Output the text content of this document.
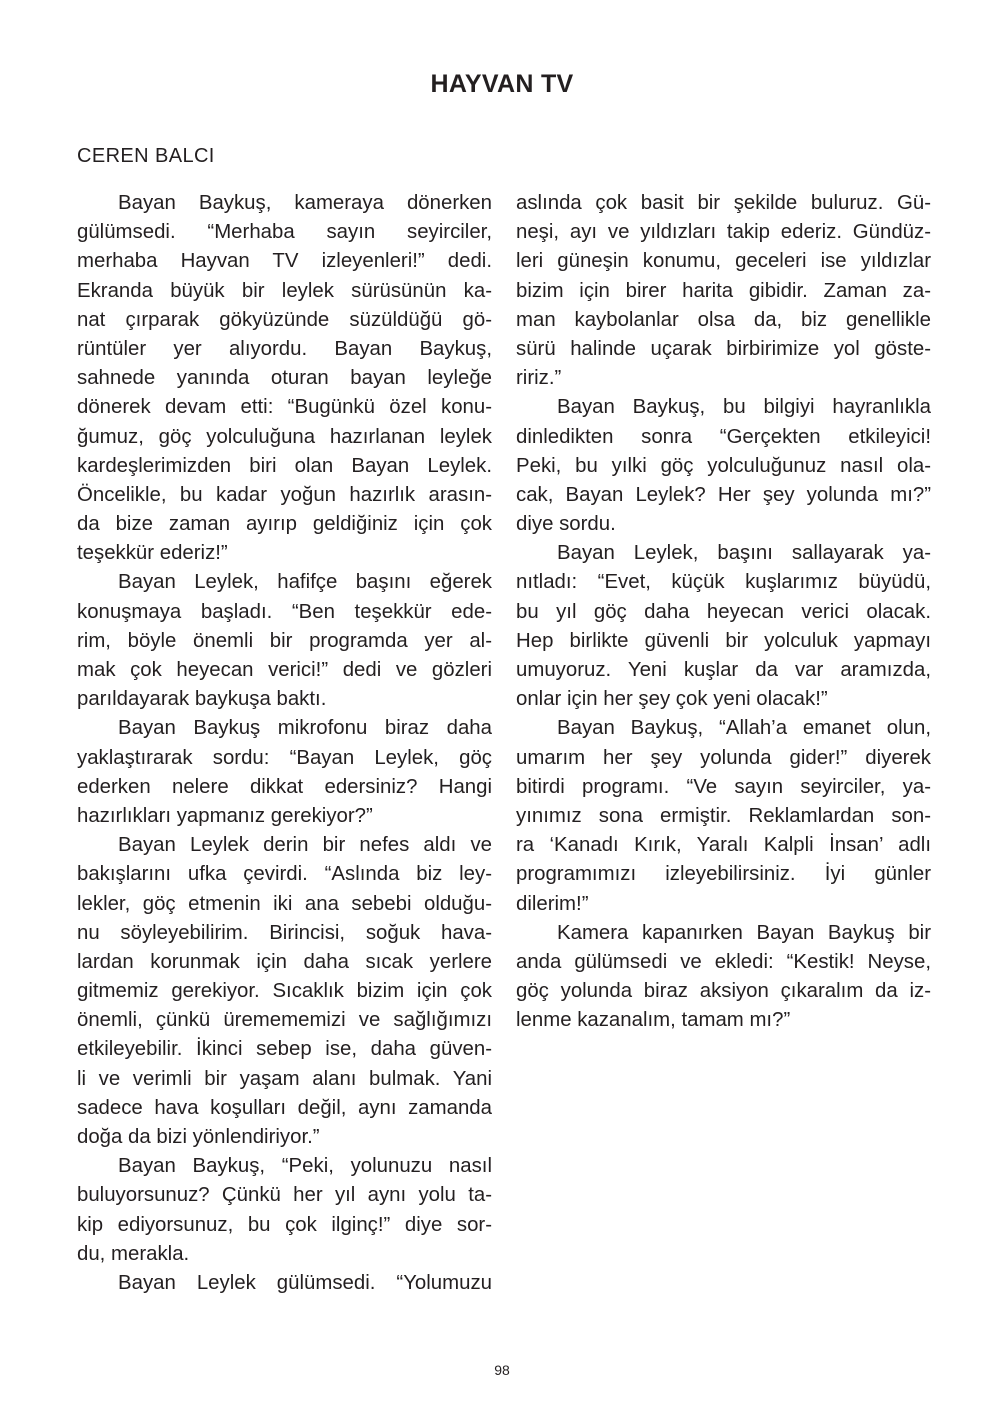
HAYVAN TV
CEREN BALCI
Bayan Baykuş, kameraya dönerken
gülümsedi. “Merhaba sayın seyirciler,
merhaba Hayvan TV izleyenleri!” dedi.
Ekranda büyük bir leylek sürüsünün ka-
nat çırparak gökyüzünde süzüldüğü gö-
rüntüler yer alıyordu. Bayan Baykuş,
sahnede yanında oturan bayan leyleğe
dönerek devam etti: “Bugünkü özel konu-
ğumuz, göç yolculuğuna hazırlanan leylek
kardeşlerimizden biri olan Bayan Leylek.
Öncelikle, bu kadar yoğun hazırlık arasın-
da bize zaman ayırıp geldiğiniz için çok
teşekkür ederiz!”
Bayan Leylek, hafifçe başını eğerek
konuşmaya başladı. “Ben teşekkür ede-
rim, böyle önemli bir programda yer al-
mak çok heyecan verici!” dedi ve gözleri
parıldayarak baykuşa baktı.
Bayan Baykuş mikrofonu biraz daha
yaklaştırarak sordu: “Bayan Leylek, göç
ederken nelere dikkat edersiniz? Hangi
hazırlıkları yapmanız gerekiyor?”
Bayan Leylek derin bir nefes aldı ve
bakışlarını ufka çevirdi. “Aslında biz ley-
lekler, göç etmenin iki ana sebebi olduğu-
nu söyleyebilirim. Birincisi, soğuk hava-
lardan korunmak için daha sıcak yerlere
gitmemiz gerekiyor. Sıcaklık bizim için çok
önemli, çünkü üremememizi ve sağlığımızı
etkileyebilir. İkinci sebep ise, daha güven-
li ve verimli bir yaşam alanı bulmak. Yani
sadece hava koşulları değil, aynı zamanda
doğa da bizi yönlendiriyor.”
Bayan Baykuş, “Peki, yolunuzu nasıl
buluyorsunuz? Çünkü her yıl aynı yolu ta-
kip ediyorsunuz, bu çok ilginç!” diye sor-
du, merakla.
Bayan Leylek gülümsedi. “Yolumuzu
aslında çok basit bir şekilde buluruz. Gü-
neşi, ayı ve yıldızları takip ederiz. Gündüz-
leri güneşin konumu, geceleri ise yıldızlar
bizim için birer harita gibidir. Zaman za-
man kaybolanlar olsa da, biz genellikle
sürü halinde uçarak birbirimize yol göste-
ririz.”
Bayan Baykuş, bu bilgiyi hayranlıkla
dinledikten sonra “Gerçekten etkileyici!
Peki, bu yılki göç yolculuğunuz nasıl ola-
cak, Bayan Leylek? Her şey yolunda mı?”
diye sordu.
Bayan Leylek, başını sallayarak ya-
nıtladı: “Evet, küçük kuşlarımız büyüdü,
bu yıl göç daha heyecan verici olacak.
Hep birlikte güvenli bir yolculuk yapmayı
umuyoruz. Yeni kuşlar da var aramızda,
onlar için her şey çok yeni olacak!”
Bayan Baykuş, “Allah’a emanet olun,
umarım her şey yolunda gider!” diyerek
bitirdi programı. “Ve sayın seyirciler, ya-
yınımız sona ermiştir. Reklamlardan son-
ra ‘Kanadı Kırık, Yaralı Kalpli İnsan’ adlı
programımızı izleyebilirsiniz. İyi günler
dilerim!”
Kamera kapanırken Bayan Baykuş bir
anda gülümsedi ve ekledi: “Kestik! Neyse,
göç yolunda biraz aksiyon çıkaralım da iz-
lenme kazanalım, tamam mı?”
98
